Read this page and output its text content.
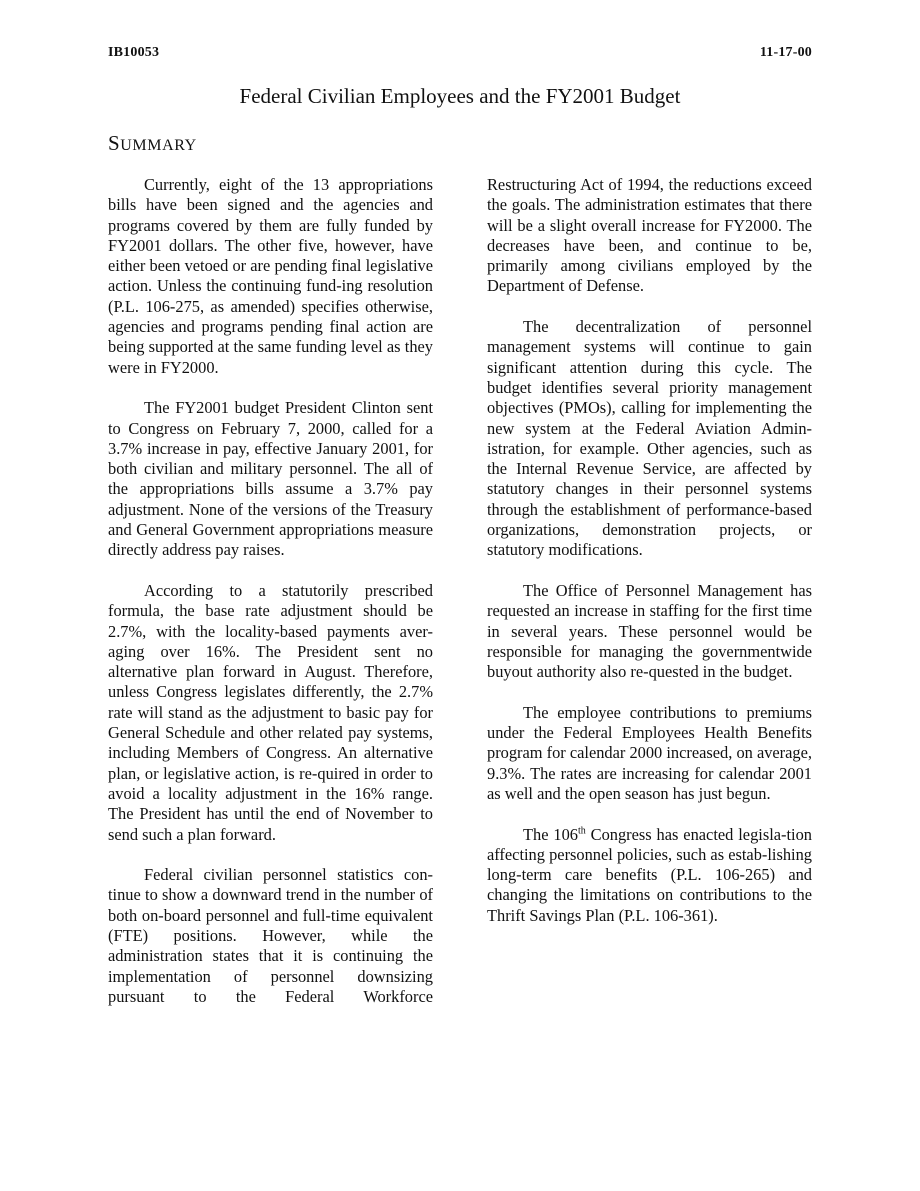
IB10053	11-17-00
Federal Civilian Employees and the FY2001 Budget
SUMMARY

Currently, eight of the 13 appropriations bills have been signed and the agencies and programs covered by them are fully funded by FY2001 dollars. The other five, however, have either been vetoed or are pending final legislative action. Unless the continuing fund-ing resolution (P.L. 106-275, as amended) specifies otherwise, agencies and programs pending final action are being supported at the same funding level as they were in FY2000.

The FY2001 budget President Clinton sent to Congress on February 7, 2000, called for a 3.7% increase in pay, effective January 2001, for both civilian and military personnel. The all of the appropriations bills assume a 3.7% pay adjustment. None of the versions of the Treasury and General Government appropriations measure directly address pay raises.

According to a statutorily prescribed formula, the base rate adjustment should be 2.7%, with the locality-based payments aver-aging over 16%. The President sent no alternative plan forward in August. Therefore, unless Congress legislates differently, the 2.7% rate will stand as the adjustment to basic pay for General Schedule and other related pay systems, including Members of Congress. An alternative plan, or legislative action, is re-quired in order to avoid a locality adjustment in the 16% range. The President has until the end of November to send such a plan forward.

Federal civilian personnel statistics con-tinue to show a downward trend in the number of both on-board personnel and full-time equivalent (FTE) positions. However, while the administration states that it is continuing the implementation of personnel downsizing pursuant to the Federal Workforce

Restructuring Act of 1994, the reductions exceed the goals. The administration estimates that there will be a slight overall increase for FY2000. The decreases have been, and continue to be, primarily among civilians employed by the Department of Defense.

The decentralization of personnel management systems will continue to gain significant attention during this cycle. The budget identifies several priority management objectives (PMOs), calling for implementing the new system at the Federal Aviation Admin-istration, for example. Other agencies, such as the Internal Revenue Service, are affected by statutory changes in their personnel systems through the establishment of performance-based organizations, demonstration projects, or statutory modifications.

The Office of Personnel Management has requested an increase in staffing for the first time in several years. These personnel would be responsible for managing the governmentwide buyout authority also re-quested in the budget.

The employee contributions to premiums under the Federal Employees Health Benefits program for calendar 2000 increased, on average, 9.3%. The rates are increasing for calendar 2001 as well and the open season has just begun.

The 106th Congress has enacted legisla-tion affecting personnel policies, such as estab-lishing long-term care benefits (P.L. 106-265) and changing the limitations on contributions to the Thrift Savings Plan (P.L. 106-361).
